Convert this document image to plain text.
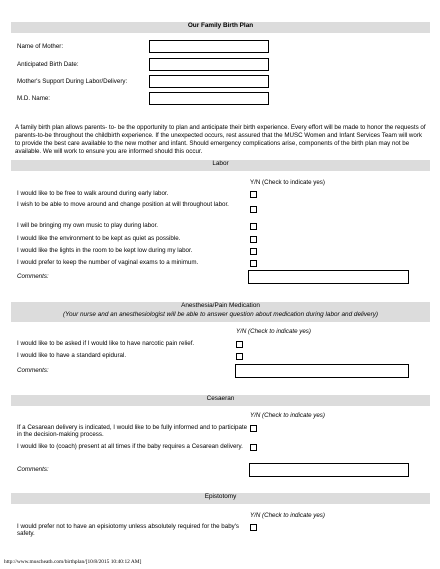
Our Family Birth Plan
Name of Mother:
Anticipated Birth Date:
Mother's Support During Labor/Delivery:
M.D. Name:
A family birth plan allows parents- to- be the opportunity to plan and anticipate their birth experience. Every effort will be made to honor the requests of parents-to-be throughout the childbirth experience. If the unexpected occurs, rest assured that the MUSC Women and Infant Services Team will work to provide the best care available to the new mother and infant. Should emergency complications arise, components of the birth plan may not be available. We will work to ensure you are informed should this occur.
Labor
Y/N (Check to indicate yes)
I would like to be free to walk around during early labor.
I wish to be able to move around and change position at will throughout labor.
I will be bringing my own music to play during labor.
I would like the environment to be kept as quiet as possible.
I would like the lights in the room to be kept low during my labor.
I would prefer to keep the number of vaginal exams to a minimum.
Comments:
Anesthesia/Pain Medication
(Your nurse and an anesthesiologist will be able to answer question about medication during labor and delivery)
Y/N (Check to indicate yes)
I would like to be asked if I would like to have narcotic pain relief.
I would like to have a standard epidural.
Comments:
Cesaeran
Y/N (Check to indicate yes)
If a Cesarean delivery is indicated, I would like to be fully informed and to participate in the decision-making process.
I would like to (coach) present at all times if the baby requires a Cesarean delivery.
Comments:
Epistotomy
Y/N (Check to indicate yes)
I would prefer not to have an episiotomy unless absolutely required for the baby's safety.
http://www.muscheath.com/birthplan/[10/8/2015 10:40:12 AM]
